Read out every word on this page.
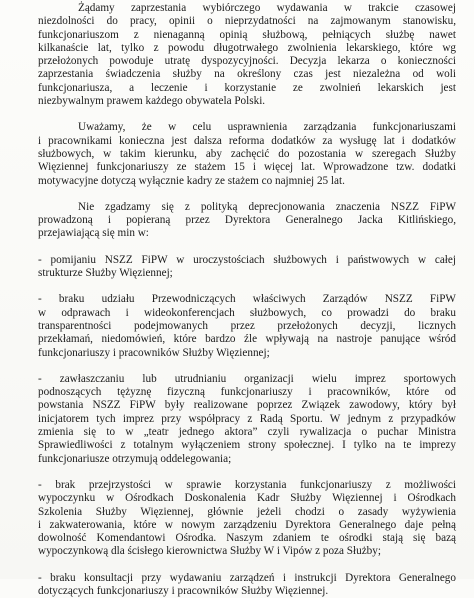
Żądamy zaprzestania wybiórczego wydawania w trakcie czasowej
niezdolności do pracy, opinii o nieprzydatności na zajmowanym stanowisku,
funkcjonariuszom z nienaganną opinią służbową, pełniących służbę nawet
kilkanaście lat, tylko z powodu długotrwałego zwolnienia lekarskiego, które wg
przełożonych powoduje utratę dyspozycyjności. Decyzja lekarza o konieczności
zaprzestania świadczenia służby na określony czas jest niezależna od woli
funkcjonariusza, a leczenie i korzystanie ze zwolnień lekarskich jest
niezbywalnym prawem każdego obywatela Polski.
Uważamy, że w celu usprawnienia zarządzania funkcjonariuszami
i pracownikami konieczna jest dalsza reforma dodatków za wysługę lat i dodatków
służbowych, w takim kierunku, aby zachęcić do pozostania w szeregach Służby
Więziennej funkcjonariuszy ze stażem 15 i więcej lat. Wprowadzone tzw. dodatki
motywacyjne dotyczą wyłącznie kadry ze stażem co najmniej 25 lat.
Nie zgadzamy się z polityką deprecjonowania znaczenia NSZZ FiPW
prowadzoną i popieraną przez Dyrektora Generalnego Jacka Kitlińskiego,
przejawiającą się min w:
- pomijaniu NSZZ FiPW w uroczystościach służbowych i państwowych w całej
strukturze Służby Więziennej;
- braku udziału Przewodniczących właściwych Zarządów NSZZ FiPW
w odprawach i wideokonferencjach służbowych, co prowadzi do braku
transparentności podejmowanych przez przełożonych decyzji, licznych
przekłamań, niedomówień, które bardzo źle wpływają na nastroje panujące wśród
funkcjonariuszy i pracowników Służby Więziennej;
- zawłaszczaniu lub utrudnianiu organizacji wielu imprez sportowych
podnoszących tężyznę fizyczną funkcjonariuszy i pracowników, które od
powstania NSZZ FiPW były realizowane poprzez Związek zawodowy, który był
inicjatorem tych imprez przy współpracy z Radą Sportu. W jednym z przypadków
zmienia się to w „teatr jednego aktora” czyli rywalizacja o puchar Ministra
Sprawiedliwości z totalnym wyłączeniem strony społecznej. I tylko na te imprezy
funkcjonariusze otrzymują oddelegowania;
- brak przejrzystości w sprawie korzystania funkcjonariuszy z możliwości
wypoczynku w Ośrodkach Doskonalenia Kadr Służby Więziennej i Ośrodkach
Szkolenia Służby Więziennej, głównie jeżeli chodzi o zasady wyżywienia
i zakwaterowania, które w nowym zarządzeniu Dyrektora Generalnego daje pełną
dowolność Komendantowi Ośrodka. Naszym zdaniem te ośrodki stają się bazą
wypoczynkową dla ścisłego kierownictwa Służby W i Vipów z poza Służby;
- braku konsultacji przy wydawaniu zarządzeń i instrukcji Dyrektora Generalnego
dotyczących funkcjonariuszy i pracowników Służby Więziennej.
